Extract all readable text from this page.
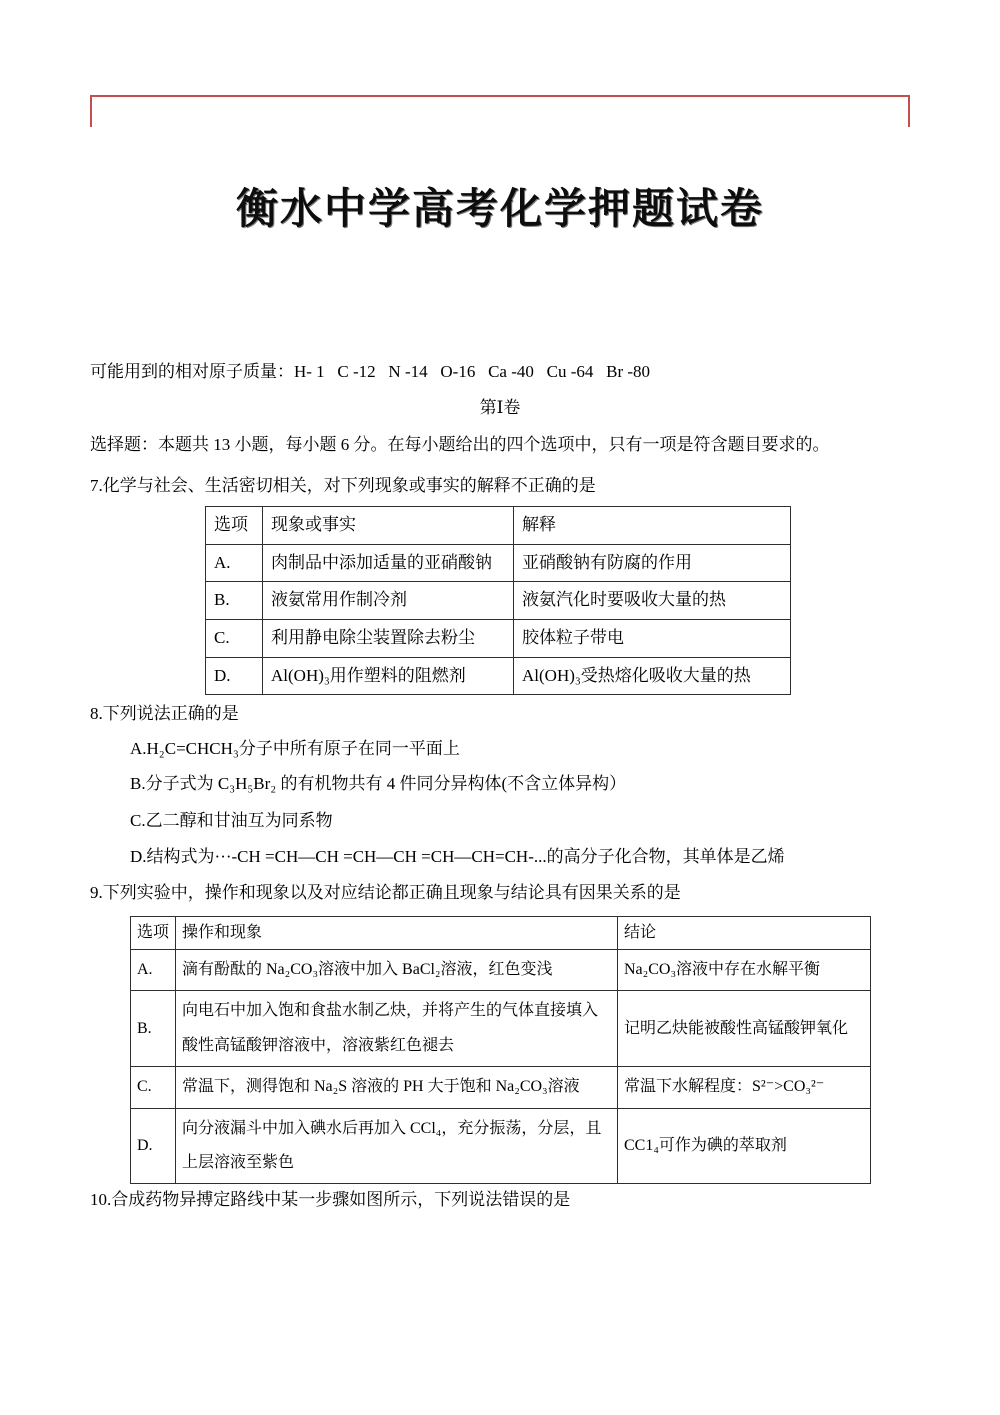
衡水中学高考化学押题试卷
可能用到的相对原子质量：H- 1   C -12   N -14   O-16   Ca -40   Cu -64   Br -80
第Ⅰ卷
选择题：本题共 13 小题，每小题 6 分。在每小题给出的四个选项中，只有一项是符含题目要求的。
7.化学与社会、生活密切相关，对下列现象或事实的解释不正确的是
选项	现象或事实	解释
A.	肉制品中添加适量的亚硝酸钠	亚硝酸钠有防腐的作用
B.	液氨常用作制冷剂	液氨汽化时要吸收大量的热
C.	利用静电除尘装置除去粉尘	胶体粒子带电
D.	Al(OH)₃用作塑料的阻燃剂	Al(OH)₃受热熔化吸收大量的热
8.下列说法正确的是
A.H₂C=CHCH₃分子中所有原子在同一平面上
B.分子式为 C₃H₅Br₂ 的有机物共有 4 件同分异构体(不含立体异构）
C.乙二醇和甘油互为同系物
D.结构式为···-CH =CH—CH =CH—CH =CH—CH=CH-...的高分子化合物，其单体是乙烯
9.下列实验中，操作和现象以及对应结论都正确且现象与结论具有因果关系的是
选项	操作和现象	结论
A.	滴有酚酞的 Na₂CO₃溶液中加入 BaCl₂溶液，红色变浅	Na₂CO₃溶液中存在水解平衡
B.	向电石中加入饱和食盐水制乙炔，并将产生的气体直接填入酸性高锰酸钾溶液中，溶液紫红色褪去	记明乙炔能被酸性高锰酸钾氧化
C.	常温下，测得饱和 Na₂S 溶液的 PH 大于饱和 Na₂CO₃溶液	常温下水解程度：S²⁻>CO₃²⁻
D.	向分液漏斗中加入碘水后再加入 CCl₄，充分振荡，分层，且上层溶液至紫色	CC1₄可作为碘的萃取剂
10.合成药物异搏定路线中某一步骤如图所示，下列说法错误的是
